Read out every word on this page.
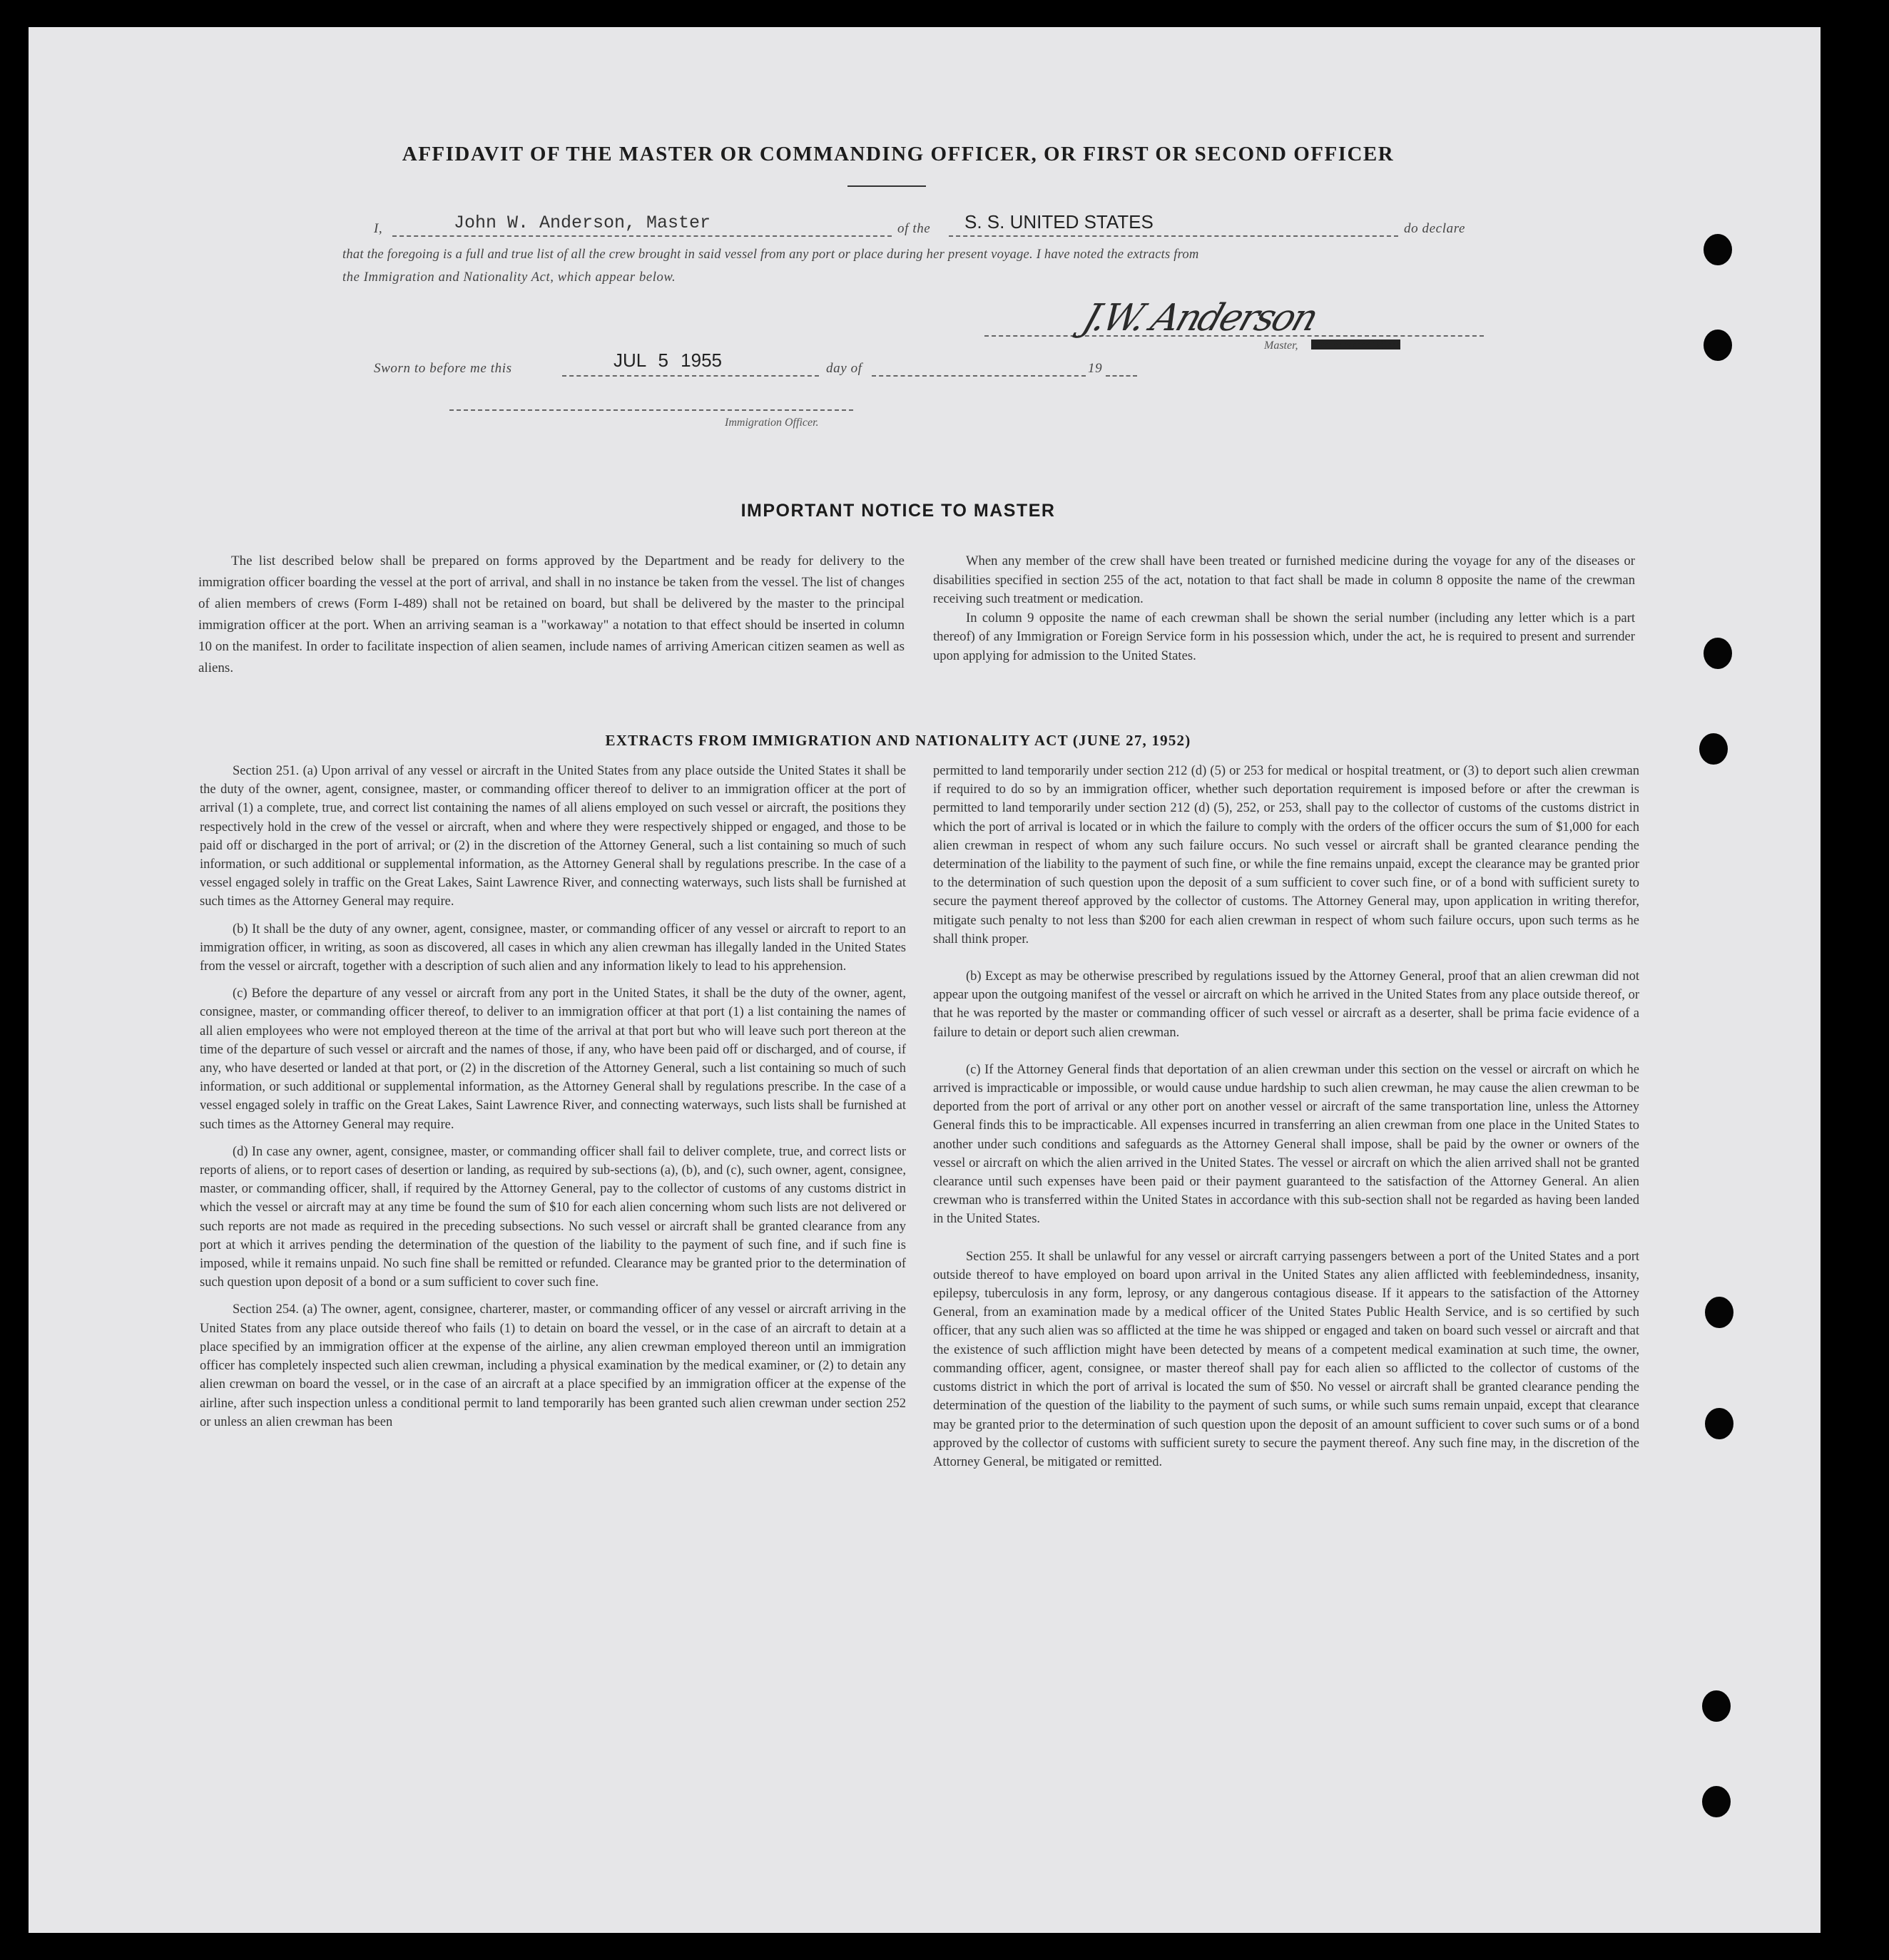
AFFIDAVIT OF THE MASTER OR COMMANDING OFFICER, OR FIRST OR SECOND OFFICER
I,	John W. Anderson, Master	of the S. S. UNITED STATES	do declare
that the foregoing is a full and true list of all the crew brought in said vessel from any port or place during her present voyage. I have noted the extracts from
the Immigration and Nationality Act, which appear below.
J.W. Anderson
Master, First or Second Officer
Sworn to before me this	JUL 5 1955	day of	19
Immigration Officer.
IMPORTANT NOTICE TO MASTER

The list described below shall be prepared on forms approved by the Department and be ready for delivery to the immigration officer boarding the vessel at the port of arrival, and shall in no instance be taken from the vessel. The list of changes of alien members of crews (Form I-489) shall not be retained on board, but shall be delivered by the master to the principal immigration officer at the port. When an arriving seaman is a "workaway" a notation to that effect should be inserted in column 10 on the manifest. In order to facilitate inspection of alien seamen, include names of arriving American citizen seamen as well as aliens.

When any member of the crew shall have been treated or furnished medicine during the voyage for any of the diseases or disabilities specified in section 255 of the act, notation to that fact shall be made in column 8 opposite the name of the crewman receiving such treatment or medication.

In column 9 opposite the name of each crewman shall be shown the serial number (including any letter which is a part thereof) of any Immigration or Foreign Service form in his possession which, under the act, he is required to present and surrender upon applying for admission to the United States.

EXTRACTS FROM IMMIGRATION AND NATIONALITY ACT (JUNE 27, 1952)

Section 251. (a) Upon arrival of any vessel or aircraft in the United States from any place outside the United States it shall be the duty of the owner, agent, consignee, master, or commanding officer thereof to deliver to an immigration officer at the port of arrival (1) a complete, true, and correct list containing the names of all aliens employed on such vessel or aircraft, the positions they respectively hold in the crew of the vessel or aircraft, when and where they were respectively shipped or engaged, and those to be paid off or discharged in the port of arrival; or (2) in the discretion of the Attorney General, such a list containing so much of such information, or such additional or supplemental information, as the Attorney General shall by regulations prescribe. In the case of a vessel engaged solely in traffic on the Great Lakes, Saint Lawrence River, and connecting waterways, such lists shall be furnished at such times as the Attorney General may require.

(b) It shall be the duty of any owner, agent, consignee, master, or commanding officer of any vessel or aircraft to report to an immigration officer, in writing, as soon as discovered, all cases in which any alien crewman has illegally landed in the United States from the vessel or aircraft, together with a description of such alien and any information likely to lead to his apprehension.

(c) Before the departure of any vessel or aircraft from any port in the United States, it shall be the duty of the owner, agent, consignee, master, or commanding officer thereof, to deliver to an immigration officer at that port (1) a list containing the names of all alien employees who were not employed thereon at the time of the arrival at that port but who will leave such port thereon at the time of the departure of such vessel or aircraft and the names of those, if any, who have been paid off or discharged, and of course, if any, who have deserted or landed at that port, or (2) in the discretion of the Attorney General, such a list containing so much of such information, or such additional or supplemental information, as the Attorney General shall by regulations prescribe. In the case of a vessel engaged solely in traffic on the Great Lakes, Saint Lawrence River, and connecting waterways, such lists shall be furnished at such times as the Attorney General may require.

(d) In case any owner, agent, consignee, master, or commanding officer shall fail to deliver complete, true, and correct lists or reports of aliens, or to report cases of desertion or landing, as required by sub-sections (a), (b), and (c), such owner, agent, consignee, master, or commanding officer, shall, if required by the Attorney General, pay to the collector of customs of any customs district in which the vessel or aircraft may at any time be found the sum of $10 for each alien concerning whom such lists are not delivered or such reports are not made as required in the preceding subsections. No such vessel or aircraft shall be granted clearance from any port at which it arrives pending the determination of the question of the liability to the payment of such fine, and if such fine is imposed, while it remains unpaid. No such fine shall be remitted or refunded. Clearance may be granted prior to the determination of such question upon deposit of a bond or a sum sufficient to cover such fine.

Section 254. (a) The owner, agent, consignee, charterer, master, or commanding officer of any vessel or aircraft arriving in the United States from any place outside thereof who fails (1) to detain on board the vessel, or in the case of an aircraft to detain at a place specified by an immigration officer at the expense of the airline, any alien crewman employed thereon until an immigration officer has completely inspected such alien crewman, including a physical examination by the medical examiner, or (2) to detain any alien crewman on board the vessel, or in the case of an aircraft at a place specified by an immigration officer at the expense of the airline, after such inspection unless a conditional permit to land temporarily has been granted such alien crewman under section 252 or unless an alien crewman has been

permitted to land temporarily under section 212 (d) (5) or 253 for medical or hospital treatment, or (3) to deport such alien crewman if required to do so by an immigration officer, whether such deportation requirement is imposed before or after the crewman is permitted to land temporarily under section 212 (d) (5), 252, or 253, shall pay to the collector of customs of the customs district in which the port of arrival is located or in which the failure to comply with the orders of the officer occurs the sum of $1,000 for each alien crewman in respect of whom any such failure occurs. No such vessel or aircraft shall be granted clearance pending the determination of the liability to the payment of such fine, or while the fine remains unpaid, except the clearance may be granted prior to the determination of such question upon the deposit of a sum sufficient to cover such fine, or of a bond with sufficient surety to secure the payment thereof approved by the collector of customs. The Attorney General may, upon application in writing therefor, mitigate such penalty to not less than $200 for each alien crewman in respect of whom such failure occurs, upon such terms as he shall think proper.

(b) Except as may be otherwise prescribed by regulations issued by the Attorney General, proof that an alien crewman did not appear upon the outgoing manifest of the vessel or aircraft on which he arrived in the United States from any place outside thereof, or that he was reported by the master or commanding officer of such vessel or aircraft as a deserter, shall be prima facie evidence of a failure to detain or deport such alien crewman.

(c) If the Attorney General finds that deportation of an alien crewman under this section on the vessel or aircraft on which he arrived is impracticable or impossible, or would cause undue hardship to such alien crewman, he may cause the alien crewman to be deported from the port of arrival or any other port on another vessel or aircraft of the same transportation line, unless the Attorney General finds this to be impracticable. All expenses incurred in transferring an alien crewman from one place in the United States to another under such conditions and safeguards as the Attorney General shall impose, shall be paid by the owner or owners of the vessel or aircraft on which the alien arrived in the United States. The vessel or aircraft on which the alien arrived shall not be granted clearance until such expenses have been paid or their payment guaranteed to the satisfaction of the Attorney General. An alien crewman who is transferred within the United States in accordance with this sub-section shall not be regarded as having been landed in the United States.

Section 255. It shall be unlawful for any vessel or aircraft carrying passengers between a port of the United States and a port outside thereof to have employed on board upon arrival in the United States any alien afflicted with feeblemindedness, insanity, epilepsy, tuberculosis in any form, leprosy, or any dangerous contagious disease. If it appears to the satisfaction of the Attorney General, from an examination made by a medical officer of the United States Public Health Service, and is so certified by such officer, that any such alien was so afflicted at the time he was shipped or engaged and taken on board such vessel or aircraft and that the existence of such affliction might have been detected by means of a competent medical examination at such time, the owner, commanding officer, agent, consignee, or master thereof shall pay for each alien so afflicted to the collector of customs of the customs district in which the port of arrival is located the sum of $50. No vessel or aircraft shall be granted clearance pending the determination of the question of the liability to the payment of such sums, or while such sums remain unpaid, except that clearance may be granted prior to the determination of such question upon the deposit of an amount sufficient to cover such sums or of a bond approved by the collector of customs with sufficient surety to secure the payment thereof. Any such fine may, in the discretion of the Attorney General, be mitigated or remitted.
